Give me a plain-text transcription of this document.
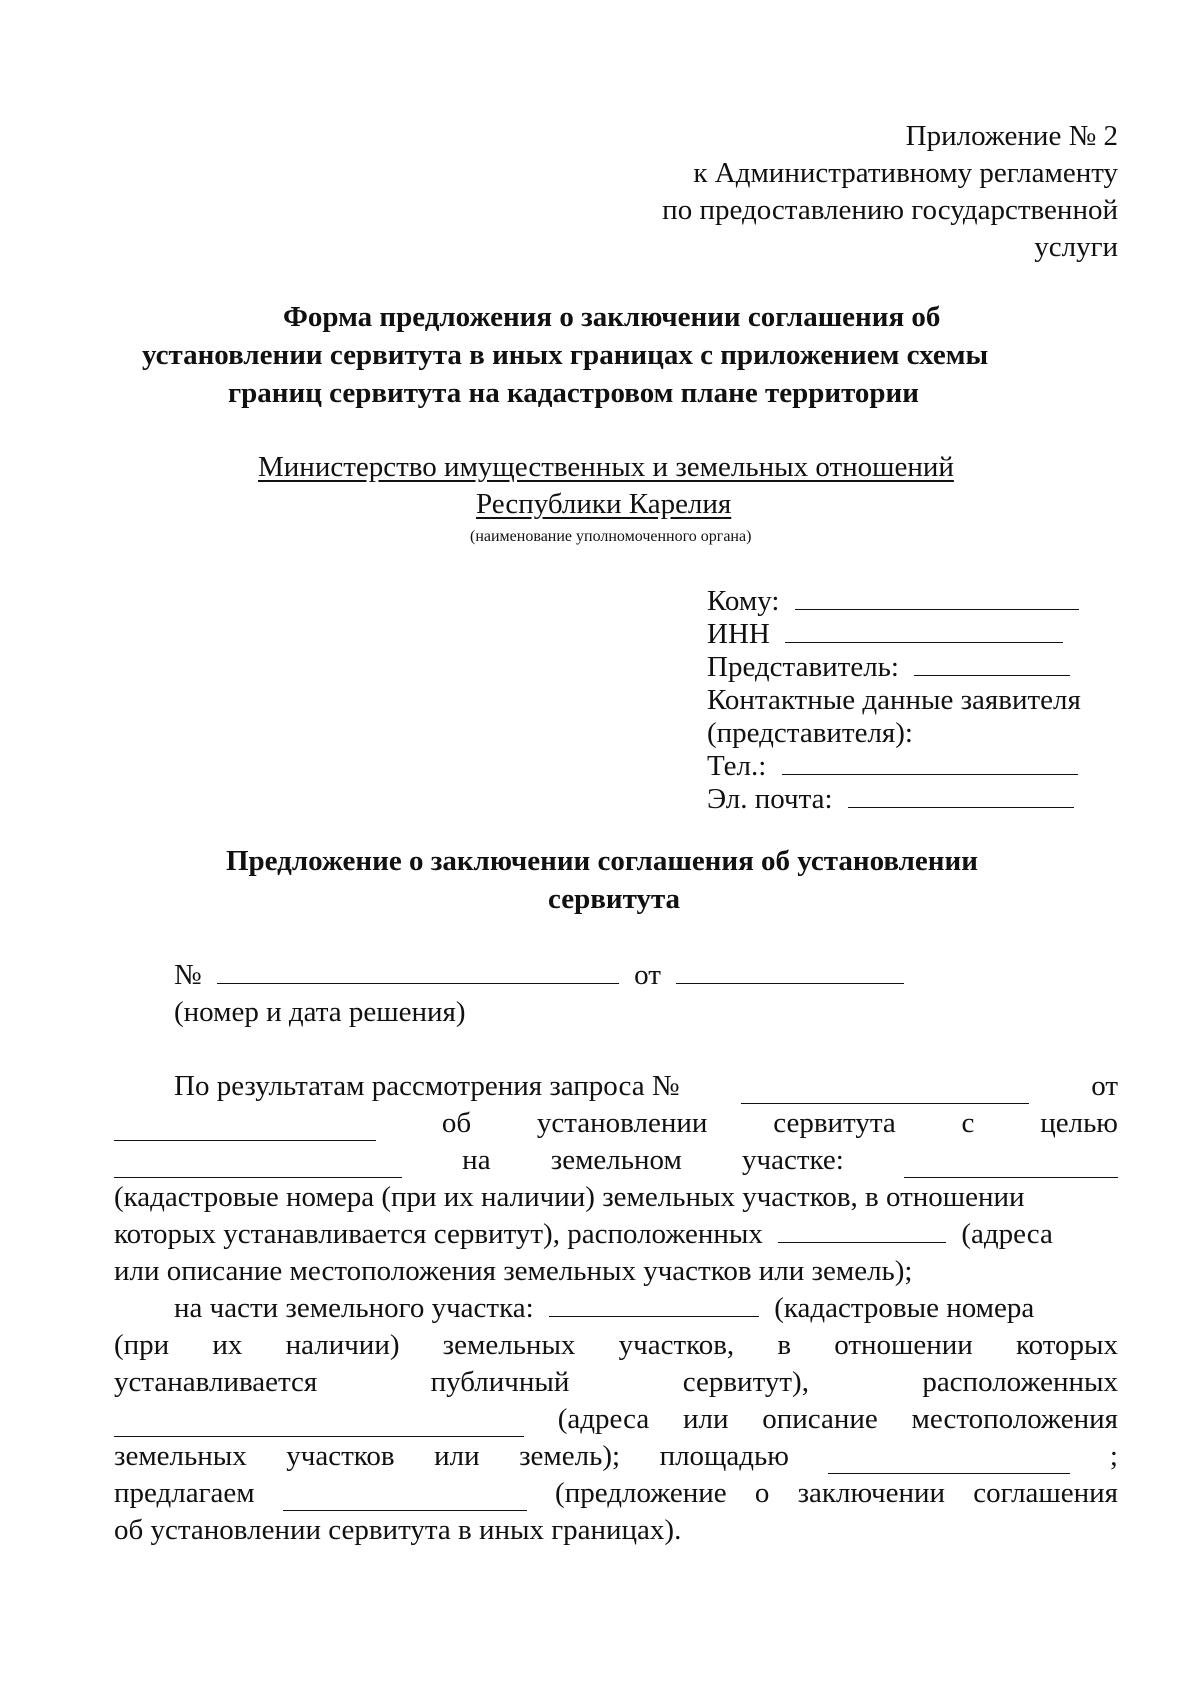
Приложение № 2
к Административному регламенту
по предоставлению государственной
услуги
Форма предложения о заключении соглашения об
установлении сервитута в иных границах с приложением схемы
границ сервитута на кадастровом плане территории
Министерство имущественных и земельных отношений
Республики Карелия
(наименование уполномоченного органа)
Кому:
ИНН
Представитель:
Контактные данные заявителя
(представителя):
Тел.:
Эл. почта:
Предложение о заключении соглашения об установлении
сервитута
№	от
(номер и дата решения)
По результатам рассмотрения запроса №	от
об установлении сервитута с целью
на земельном участке:
(кадастровые номера (при их наличии) земельных участков, в отношении
которых устанавливается сервитут), расположенных	(адреса
или описание местоположения земельных участков или земель);
на части земельного участка:	(кадастровые номера
(при их наличии) земельных участков, в отношении которых
устанавливается	публичный	сервитут),	расположенных
(адреса или описание местоположения
земельных участков или земель); площадью	;
предлагаем	(предложение о заключении соглашения
об установлении сервитута в иных границах).
